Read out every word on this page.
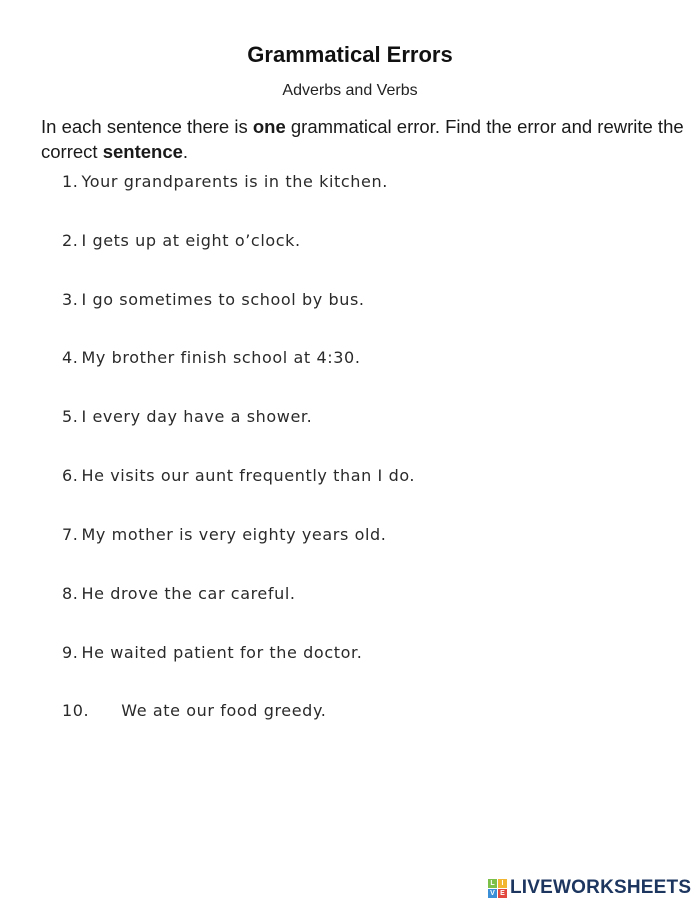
Grammatical Errors
Adverbs and Verbs
In each sentence there is one grammatical error. Find the error and rewrite the correct sentence.
1. Your grandparents is in the kitchen.
2. I gets up at eight o’clock.
3. I go sometimes to school by bus.
4. My brother finish school at 4:30.
5. I every day have a shower.
6. He visits our aunt frequently than I do.
7. My mother is very eighty years old.
8. He drove the car careful.
9. He waited patient for the doctor.
10. We ate our food greedy.
L I
V E LIVEWORKSHEETS
